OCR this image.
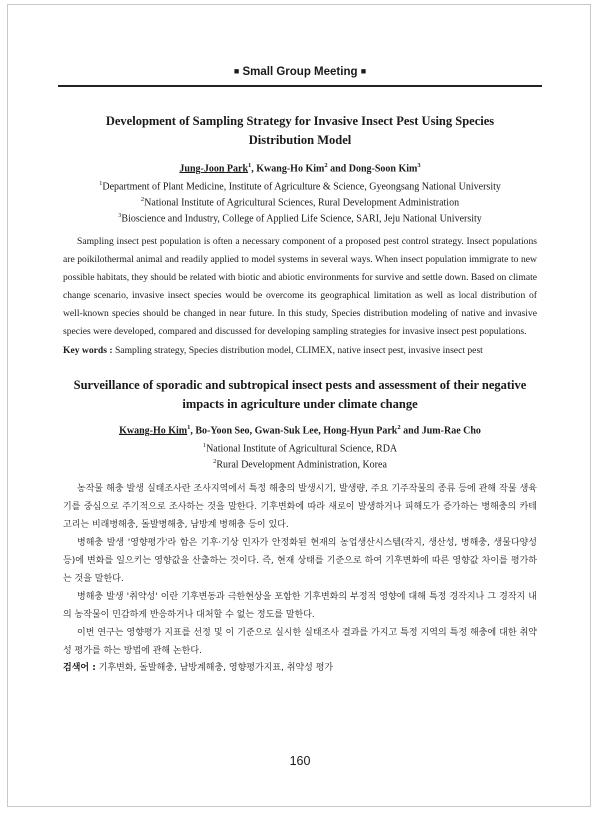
■ Small Group Meeting ■
Development of Sampling Strategy for Invasive Insect Pest Using Species Distribution Model
Jung-Joon Park$^1$, Kwang-Ho Kim$^2$ and Dong-Soon Kim$^3$
$^1$Department of Plant Medicine, Institute of Agriculture & Science, Gyeongsang National University
$^2$National Institute of Agricultural Sciences, Rural Development Administration
$^3$Bioscience and Industry, College of Applied Life Science, SARI, Jeju National University

Sampling insect pest population is often a necessary component of a proposed pest control strategy. Insect populations are poikilothermal animal and readily applied to model systems in several ways. When insect population immigrate to new possible habitats, they should be related with biotic and abiotic environments for survive and settle down. Based on climate change scenario, invasive insect species would be overcome its geographical limitation as well as local distribution of well-known species should be changed in near future. In this study, Species distribution modeling of native and invasive species were developed, compared and discussed for developing sampling strategies for invasive insect pest populations.

Key words : Sampling strategy, Species distribution model, CLIMEX, native insect pest, invasive insect pest
Surveillance of sporadic and subtropical insect pests and assessment of their negative impacts in agriculture under climate change
Kwang-Ho Kim$^1$, Bo-Yoon Seo, Gwan-Suk Lee, Hong-Hyun Park$^2$ and Jum-Rae Cho
$^1$National Institute of Agricultural Science, RDA
$^2$Rural Development Administration, Korea

농작물 해충 발생 실태조사란 조사지역에서 특정 해충의 발생시기, 발생량, 주요 기주작물의 종류 등에 관해 작물 생육기를 중심으로 주기적으로 조사하는 것을 말한다. 기후변화에 따라 새로이 발생하거나 피해도가 증가하는 병해충의 카테고리는 비래병해충, 돌발병해충, 남방계 병해충 등이 있다.

병해충 발생 '영향평가'라 함은 기후·기상 인자가 안정화된 현재의 농업생산시스템(작지, 생산성, 병해충, 생물다양성 등)에 변화를 일으키는 영향값을 산출하는 것이다. 즉, 현재 상태를 기준으로 하여 기후변화에 따른 영향값 차이를 평가하는 것을 말한다.

병해충 발생 '취약성' 이란 기후변동과 극한현상을 포함한 기후변화의 부정적 영향에 대해 특정 경작지나 그 경작지 내의 농작물이 민감하게 반응하거나 대처할 수 없는 정도를 말한다.

이번 연구는 영향평가 지표를 선정 및 이 기준으로 실시한 실태조사 결과를 가지고 특정 지역의 특정 해충에 대한 취약성 평가를 하는 방법에 관해 논한다.

검색어 : 기후변화, 돌발해충, 남방계해충, 영향평가지표, 취약성 평가
160
